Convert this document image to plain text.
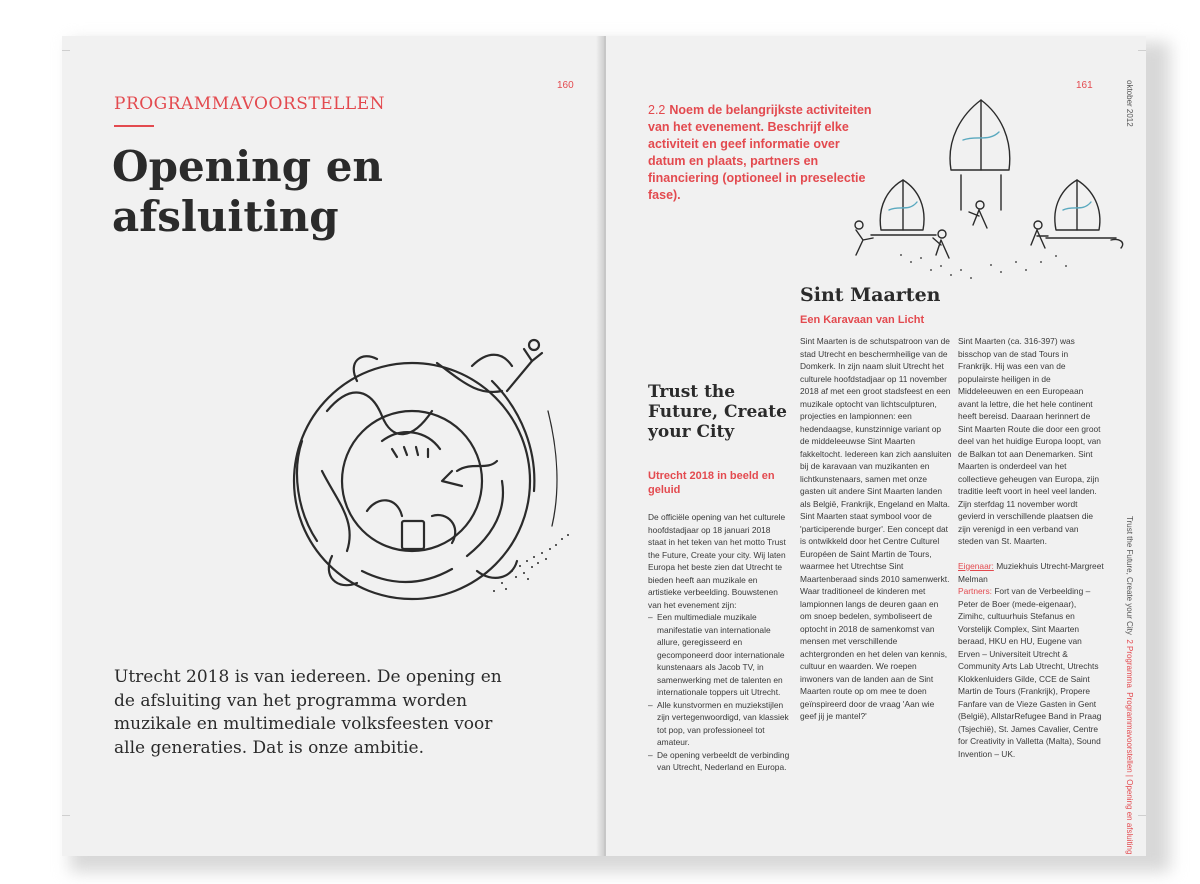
160
PROGRAMMAVOORSTELLEN
Opening en afsluiting
Utrecht 2018 is van iedereen. De opening en de afsluiting van het programma worden muzikale en multimediale volksfeesten voor alle generaties. Dat is onze ambitie.
161
2.2 Noem de belangrijkste activiteiten van het evenement. Beschrijf elke activiteit en geef informatie over datum en plaats, partners en financiering (optioneel in preselectie fase).
Sint Maarten
Een Karavaan van Licht
Trust the Future, Create your City
Utrecht 2018 in beeld en geluid

De officiële opening van het culturele hoofdstadjaar op 18 januari 2018 staat in het teken van het motto Trust the Future, Create your city. Wij laten Europa het beste zien dat Utrecht te bieden heeft aan muzikale en artistieke verbeelding. Bouwstenen van het evenement zijn:

– Een multimediale muzikale manifestatie van internationale allure, geregisseerd en gecomponeerd door internationale kunstenaars als Jacob TV, in samenwerking met de talenten en internationale toppers uit Utrecht.
– Alle kunstvormen en muziekstijlen zijn vertegenwoordigd, van klassiek tot pop, van professioneel tot amateur.
– De opening verbeeldt de verbinding van Utrecht, Nederland en Europa.

Sint Maarten is de schutspatroon van de stad Utrecht en beschermheilige van de Domkerk. In zijn naam sluit Utrecht het culturele hoofdstadjaar op 11 november 2018 af met een groot stadsfeest en een muzikale optocht van lichtsculpturen, projecties en lampionnen: een hedendaagse, kunstzinnige variant op de middeleeuwse Sint Maarten fakkeltocht. Iedereen kan zich aansluiten bij de karavaan van muzikanten en lichtkunstenaars, samen met onze gasten uit andere Sint Maarten landen als België, Frankrijk, Engeland en Malta. Sint Maarten staat symbool voor de 'participerende burger'. Een concept dat is ontwikkeld door het Centre Culturel Européen de Saint Martin de Tours, waarmee het Utrechtse Sint Maartenberaad sinds 2010 samenwerkt. Waar traditioneel de kinderen met lampionnen langs de deuren gaan en om snoep bedelen, symboliseert de optocht in 2018 de samenkomst van mensen met verschillende achtergronden en het delen van kennis, cultuur en waarden. We roepen inwoners van de landen aan de Sint Maarten route op om mee te doen geïnspireerd door de vraag 'Aan wie geef jij je mantel?'

Sint Maarten (ca. 316-397) was bisschop van de stad Tours in Frankrijk. Hij was een van de populairste heiligen in de Middeleeuwen en een Europeaan avant la lettre, die het hele continent heeft bereisd. Daaraan herinnert de Sint Maarten Route die door een groot deel van het huidige Europa loopt, van de Balkan tot aan Denemarken. Sint Maarten is onderdeel van het collectieve geheugen van Europa, zijn traditie leeft voort in heel veel landen. Zijn sterfdag 11 november wordt gevierd in verschillende plaatsen die zijn verenigd in een verband van steden van St. Maarten.

Eigenaar: Muziekhuis Utrecht-Margreet Melman

Partners: Fort van de Verbeelding – Peter de Boer (mede-eigenaar), Zimihc, cultuurhuis Stefanus en Vorstelijk Complex, Sint Maarten beraad, HKU en HU, Eugene van Erven – Universiteit Utrecht & Community Arts Lab Utrecht, Utrechts Klokkenluiders Gilde, CCE de Saint Martin de Tours (Frankrijk), Propere Fanfare van de Vieze Gasten in Gent (België), AllstarRefugee Band in Praag (Tsjechië), St. James Cavalier, Centre for Creativity in Valletta (Malta), Sound Invention – UK.

oktober 2012
Trust the Future, Create your City  2 Programma  Programmavoorstellen | Opening en afsluiting
